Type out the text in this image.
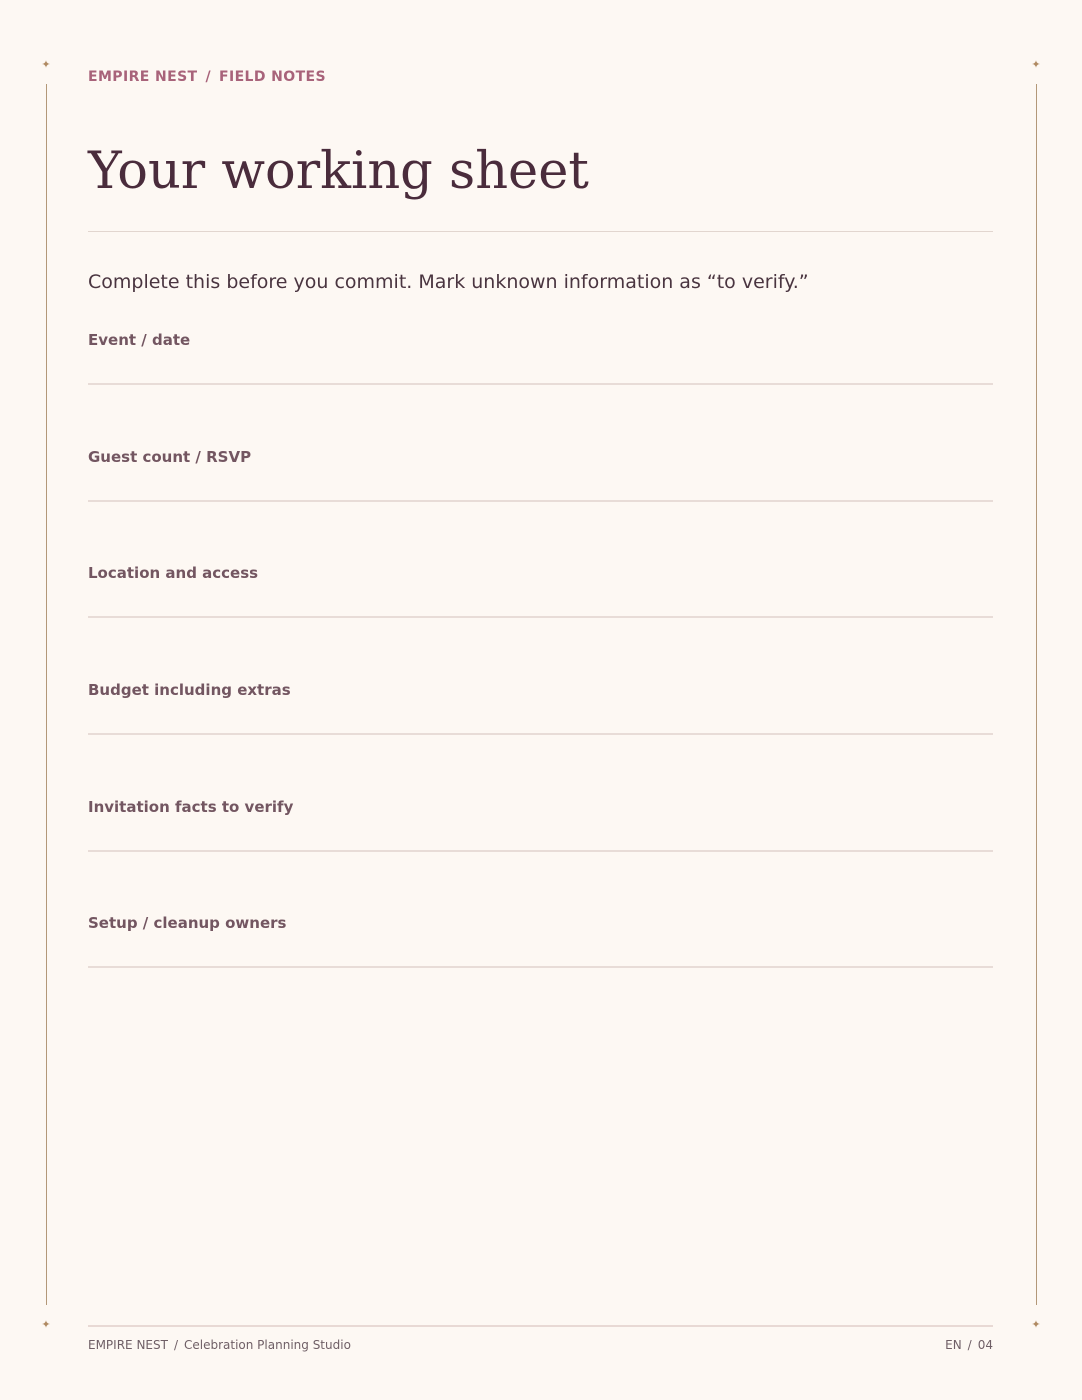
✦	✦
✦	✦
EMPIRE NEST / FIELD NOTES
Your working sheet

Complete this before you commit. Mark unknown information as “to verify.”

Event / date
Guest count / RSVP
Location and access
Budget including extras
Invitation facts to verify
Setup / cleanup owners
EMPIRE NEST / Celebration Planning Studio	EN / 04
